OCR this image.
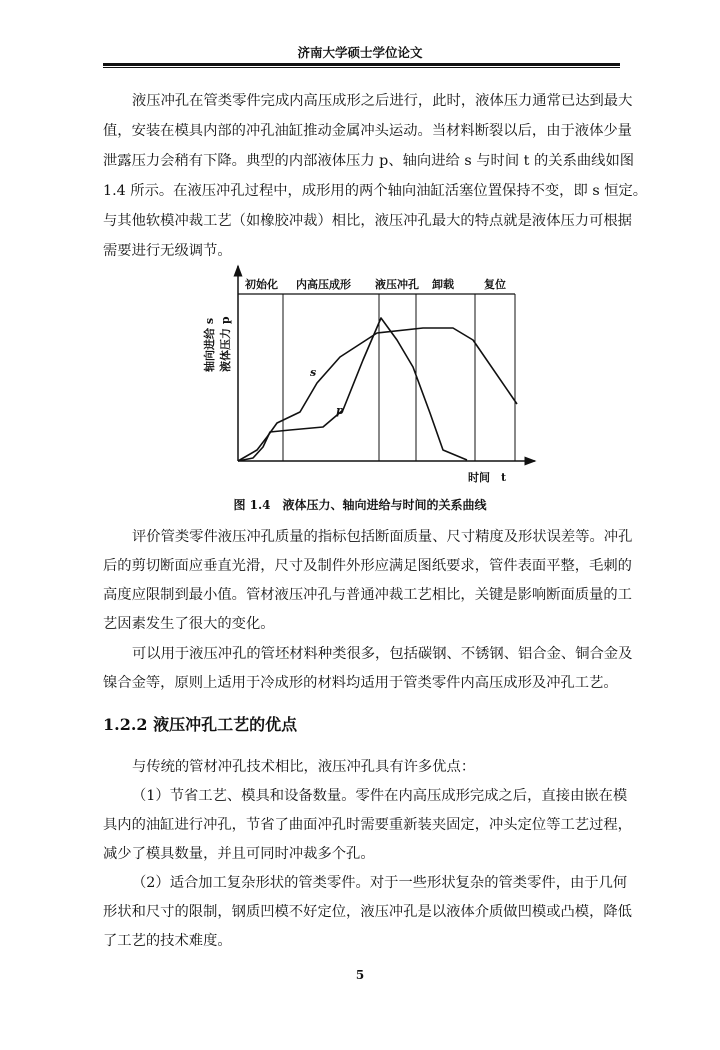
济南大学硕士学位论文
液压冲孔在管类零件完成内高压成形之后进行，此时，液体压力通常已达到最大
值，安装在模具内部的冲孔油缸推动金属冲头运动。当材料断裂以后，由于液体少量
泄露压力会稍有下降。典型的内部液体压力 p、轴向进给 s 与时间 t 的关系曲线如图
1.4 所示。在液压冲孔过程中，成形用的两个轴向油缸活塞位置保持不变，即 s 恒定。
与其他软模冲裁工艺（如橡胶冲裁）相比，液压冲孔最大的特点就是液体压力可根据
需要进行无级调节。
初始化 内高压成形 液压冲孔 卸载	复位
s
p
轴向进给 s 液体压力 p
时间　t
图 1.4　液体压力、轴向进给与时间的关系曲线
评价管类零件液压冲孔质量的指标包括断面质量、尺寸精度及形状误差等。冲孔
后的剪切断面应垂直光滑，尺寸及制件外形应满足图纸要求，管件表面平整，毛刺的
高度应限制到最小值。管材液压冲孔与普通冲裁工艺相比，关键是影响断面质量的工
艺因素发生了很大的变化。
可以用于液压冲孔的管坯材料种类很多，包括碳钢、不锈钢、铝合金、铜合金及
镍合金等，原则上适用于冷成形的材料均适用于管类零件内高压成形及冲孔工艺。
1.2.2 液压冲孔工艺的优点
与传统的管材冲孔技术相比，液压冲孔具有许多优点：
（1）节省工艺、模具和设备数量。零件在内高压成形完成之后，直接由嵌在模
具内的油缸进行冲孔，节省了曲面冲孔时需要重新装夹固定，冲头定位等工艺过程，
减少了模具数量，并且可同时冲裁多个孔。
（2）适合加工复杂形状的管类零件。对于一些形状复杂的管类零件，由于几何
形状和尺寸的限制，钢质凹模不好定位，液压冲孔是以液体介质做凹模或凸模，降低
了工艺的技术难度。
5
